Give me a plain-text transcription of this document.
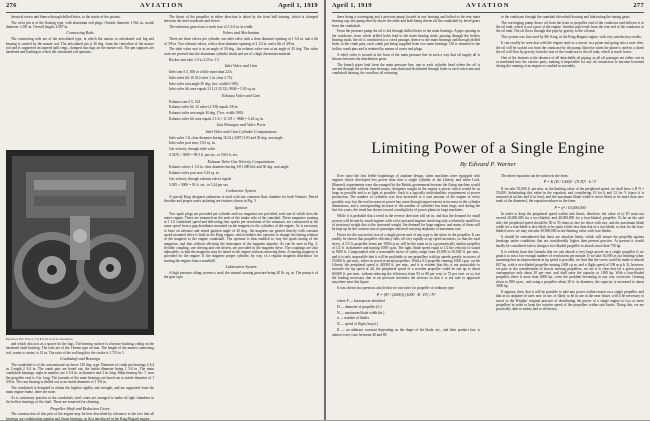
276	AVIATION	April 1, 1919

drawical recess and thence through drilled holes, to the inside of the pistons.

The wrist pin is of the floating type, with aluminum end plugs. Outside diameter 1.562 in., inside diameter 1.281 in. Overall length, 4.007 in.

Connecting Rods

The connecting rods are of the articulated type, in which the master or articulated rod, big end bearing is carried by the master rod. The articulated pin is 26 deg. from the centerline of the master rod and is supported on tapered split rings, clamped into lugs on the master rod. The pin supports are hardened and bushing in which the articulated rod operates.

Propeller End View of the Engine Cowling Assembled

and which also acts as a spacer for the lugs. The bearing surface is a bronze bushing, riding on the hardened shaft bushing. The rods are of the I-beam type section. The length of the master connecting rod, center to center, is 12 in. The ratio of the rod length to the stroke is 1.715 to 1.

Crankshaft and Bearings

The crankshaft is of the conventional six throw 120 deg. type. Diameter of crank pin bearings 2 3/4 in. Length 2 3/4 in. The crank pins are bored out, the inside diameter being 1 3/4 in. The main crankshaft bearings, eight in number, are 2 3/4 in. in diameter and 2 in. long. Main bearing No. 7, near the propeller end, is 3 in. long. The journals of the main bearings are bored out to inside diameter of 1 5/8 in. The rear bearing is drilled out to an inside diameter of 1 3/8 in.

The crankshaft is designed to obtain the highest rigidity and strength, and are supported from the main engine frame, there are none.

As is customary practice in the crankshaft, steel cones are arranged to make oil tight chambers in the hollow bearings of the shaft. These are removed for cleaning.

Propeller Shaft and Reduction Gears

The construction of this part of the engine may be best described by reference to the fact that all bearings are combination annular and thrust bearings, as first introduced in the King-Bugatti engine.

The thrust of the propeller in either direction is taken by the front ball bearing, which is clamped between the steel crankcase and sleeve.

The reduction gears have a tooth face of 3 3/4 in. in width.

Valves and Mechanism

There are three valves per cylinder, one inlet valve with a clear diameter opening of 1 3/4 in. and a lift of 3/8 in. Two exhaust valves, with a clear diameter opening of 2 1/2 in. and a lift of 3/8 in.

The inlet valve seat is at an angle of 30 deg., the exhaust valve seat at an angle of 45 deg. The valve seats are pressed into the aluminum cylinder heads and are of a high chromium material.

Rocker arm ratio 1.5 to 2.25 to 1.5.

Inlet Valve and Cam

Inlet cam 5.5, 300 or a little more than 22.6.

Inlet valve lift 10.32 (valve 1 in. clear 2.75).

Inlet valve seat angle 30 deg. (sec. width 0.100).

Inlet valve lift area equals 3.11 (3 25 32) .9846 = 5.03 sq. in.

Exhaust Valve and Cam

Exhaust cam 5.5, 334.

Exhaust valve lift 12 valve (2 5/8) equals 3/8 in.

Exhaust valve seat angle 30 deg. (*sec. width .900).

Exhaust valve lift area equals 2 1/4 × 11 3/8 × .9846 = 5.24 sq. in.

Gas Passages and Valve Ports
Inlet Valve and Cam Cylinder Computations

Inlet valve 1.8, clear diameter boring 16.32 (.3497) 5.03 and 30 deg. seat angle.

Inlet valve port area, 5.03 sq. in.

Gas velocity through inlet valve.

0.5476 × 5000 = 99.5 ft. per sec. or 1563 ft. sec.

Exhaust Valve Gas Velocity Computations

Exhaust valves 2 1/4 in. clear diameter having 3/8 (.580) lift and 30 deg. seat angle.

Exhaust valve port area 5.24 sq. in.

Gas velocity through exhaust valves equals

5.035 × 5000 = 91 ft. sec. or 5.24 per sec.

Carburetor System

A special King designed carburetor is used with one common float chamber for both Venturis. Paired throttles and proper water jacketing are features shown in Fig. 3.

Ignition

Two spark plugs are provided per cylinder and two magnetos are provided, each one of which fires the entire engine. These are mounted on the ends of the intake side of the camshaft. These magnetos running at 1 1/2 crankshaft speed and delivering four sparks per revolution of the armature, are constructed at the same speed from a gap distributor mounted on the magneto to the cylinders of the engine. As is necessary to have an advance and retard ignition angle of 45 deg., the magneto are geared directly with constant speed mounted drive is built in the King engine, which enables the operator to change the timing relation of the magneto to the engine crankshaft. The operator is thus enabled to vary the spark timing of the magnetos, and thus without affecting the interrupter of the magneto impulse. As can be seen in Fig. 3, flexible coupling, one driving and one driven, are provided in the magneto drive. The couplings are also adjustable, so that the magnetos may be timed to the engine without removing them. A starting magneto is provided for the engine. If the magneto proper cylinder, by way of a regular magneto distributor for starting the engine from a standstill.

Lubrication System

A high pressure oiling system is used, the normal running pressure being 40 lb. sq. in. The pump is of the gear type,

April 1, 1919	AVIATION	277

there being a scavenging and a pressure pump located in one housing and bolted to the rear main bearing cap, one pump directly above the other and both being driven off the crankshaft by bevel gears from the crankshaft.

From the pressure pump the oil is led through drilled holes to the main bearings. A pipe opening in the crankcase, from which drilled holes lead to the main bearing studs, passing through the hollow bearing studs, the oil is conducted to a cored passage, thence to the main bearings and through drilled holes to the crank pins, each crank pin being supplied from two main bearings. Oil is returned to the hollow crank pins and is retained by means of cones and plugs.

A relief valve is located at the front of the main pressure line in such a way that oil supply all is thrown between the distribution gears.

The branch pipes lead from the main pressure line, one to each cylinder head where the oil is carried through the rocker arm bearings, cam shaft and distributed through holes to each valve arm and crankshaft bearing, the overflow oil returning

to the crankcase through the camshaft driveshaft housing and lubricating the timing gears.

The scavenging pump draws oil from the front or propeller end of the crankcase and delivers it to the oil tank, which is not a part of the engine. Another pipe leads from the rear end of the crankcase to the oil tank. The oil flows through this pipe by gravity to the oil tank.

This system was first used by Mr. King, in the King-Bugatti engine, with very satisfactory results.

It can readily be seen that with the engine used as a tractor in a plane and going into a nose dive, the oil will be sucked out from the crankcase by the pump; likewise when the plane is used in a climb the oil will flow by gravity from the rear of the crankcase to the oil tank, which is much lower.

One of the features is the absence of all detachable oil piping, as all oil passages are either cast in or machined into the various parts, making it impossible for any oil connection to become loosened during the running of an engine or crashed in assembly.

Limiting Power of a Single Engine
By Edward P. Warner

Ever since the first feeble beginnings of airplane design, when machines were equipped with engines which developed less power than does a single cylinder of the Liberty, and when Lord, (Bonnet), experiments were discouraged by the British government because the flying machine would be impracticable without limited power, designers sought in the engine a power which would be as large as possible and is as light as possible. Such is a typically individualistic requirement of power production. The number of cylinders was first increased to a vast amount of the engine in every possible way, but the real increase in power has come through improvement in increase in the cylinder dimensions, and a corresponding increase of the number of cylinders has been large, and during the last few years, the trend has shown toward a multiplicity of power plants in large machines.

While it is probable that a trend in the reverse direction will set in, and that the demand for small powers will be met by small engines with a few powered engines involving only a relatively small loss of structural weight due to the increased weight, the demand for large engines, and many of them will be kept up by the construction of passenger and mail-carrying airplanes of maximum size.

Factor for the successive size of a single power unit of any type is the stress in the propeller. It can readily be shown that propeller efficiency falls off very rapidly as tip speed increases, so that the total stress, if 1/2 ft. propeller forms per 1000 r.p.m. will be the same as in a geometrically similar propeller of 1/2 ft. in diameter and turning 1000 r.p.m. The tight, blade speed equal to 1/2 the velocity of sound at 5000 ft. Compounded with a reasonable factor of safety range from 45,000 to 50,000 ft. per min., and it is only impossible that it will be profitable to use propellers with tip speeds greatly in excess of 55,000 ft. per min., either in wood or metal propellers. With a 0.5 propeller running 1000 r.p.m. on the Liberty, the peripheral speed is 48,000 ft. per min., and it is evident that this is not practicable to increase the tip speed at all, the peripheral speed of a wooden propeller could be run up to about 60,000 ft. per min., without reducing the efficiency from 93 or 80 per cent. to 72 per cent. or so, but the loading necessary due to air pressure increases the stresses so that it is not safe to approach anywhere near this figure.

It was shown in a previous article that we can write for propeller of ordinary type

P = (K² / (2000)) (1000 · B · D²) / N³

where P — horsepower absorbed

D — diameter of propeller (ft.)

N — maximum blade width (in.)

n — number of blades

N — speed of flight (m.p.h.)

K — an arbitrary constant depending on the shape of the blade, etc., and their product law, is almost every case, between 40 and 80.

The above equation can be written in the form:

P = K (D / 1000)³ · (N D)⁵ · b / V

If we take 55,000 ft. per min. as the limiting value of the peripheral speed, we shall have π D N = 55,000. Substituting this value in the equation, and considering 10 for b and 12 for V (since it is assumed in inches and if in feet), and the maximum blade width is never likely to be more than one-tenth of the diameter), the equation reduces to the form:

P = η² / 10,000,000

In order to keep the peripheral speed within safe limits, therefore, the value of η² D² must not exceed 20,000,000 for a two-bladed, and 40,000,000 for a four-bladed, propeller. To be on the safe side, the peripheral speed should be 50 to 55 times as fast for those with two, and the maximum blade width for a four-blade is also likely to be quite a little less than that of a two-blade, so that for the four-bladed screw we may not take 30,000,000 as the limiting value with four blades.

It should be remembered that these are absolute limits, which will ensure the propeller against breakage under conditions that are considerably higher than present practice. At present it would hardly be considered safe to design a two-bladed propeller to absorb more than 750 hp.

It is evident from this formula that we can absorb a very large power on a single propeller if we grant it to run a low enough number of revolutions per minute. If we take 16,000 as our limiting value, assuming that no improvement in tip speed is possible, we find that the screw could be made to absorb 847 hp. with a two-bladed propeller turning 1400 r.p.m. and a flight speed of 100 m.p.h. If, however, we pass to the consideration of slower moving propellers, we see it is clear that for a given power consumption only about 20 per cent. and shall raise the capacity to 1400 hp. With a four-bladed propeller, there is more than 2000 hp., even the problem becoming in any way excessive. Gearing down to 800 r.p.m., and using a propeller about 20 ft. in diameter, the capacity is increased to about 3000 hp.

It appears, then, that it will be possible to take any power within reason on a single propeller, and that in no airplane of sizes now in use, or likely to be in use in the near future, will it be necessary to resort to the Wrights' original practice of distributing the power of a single engine to two or more propellers in order to keep the rotative speed of the propellers within safe limits. Doing this, we are practically able to satisfy and to efficiency.
